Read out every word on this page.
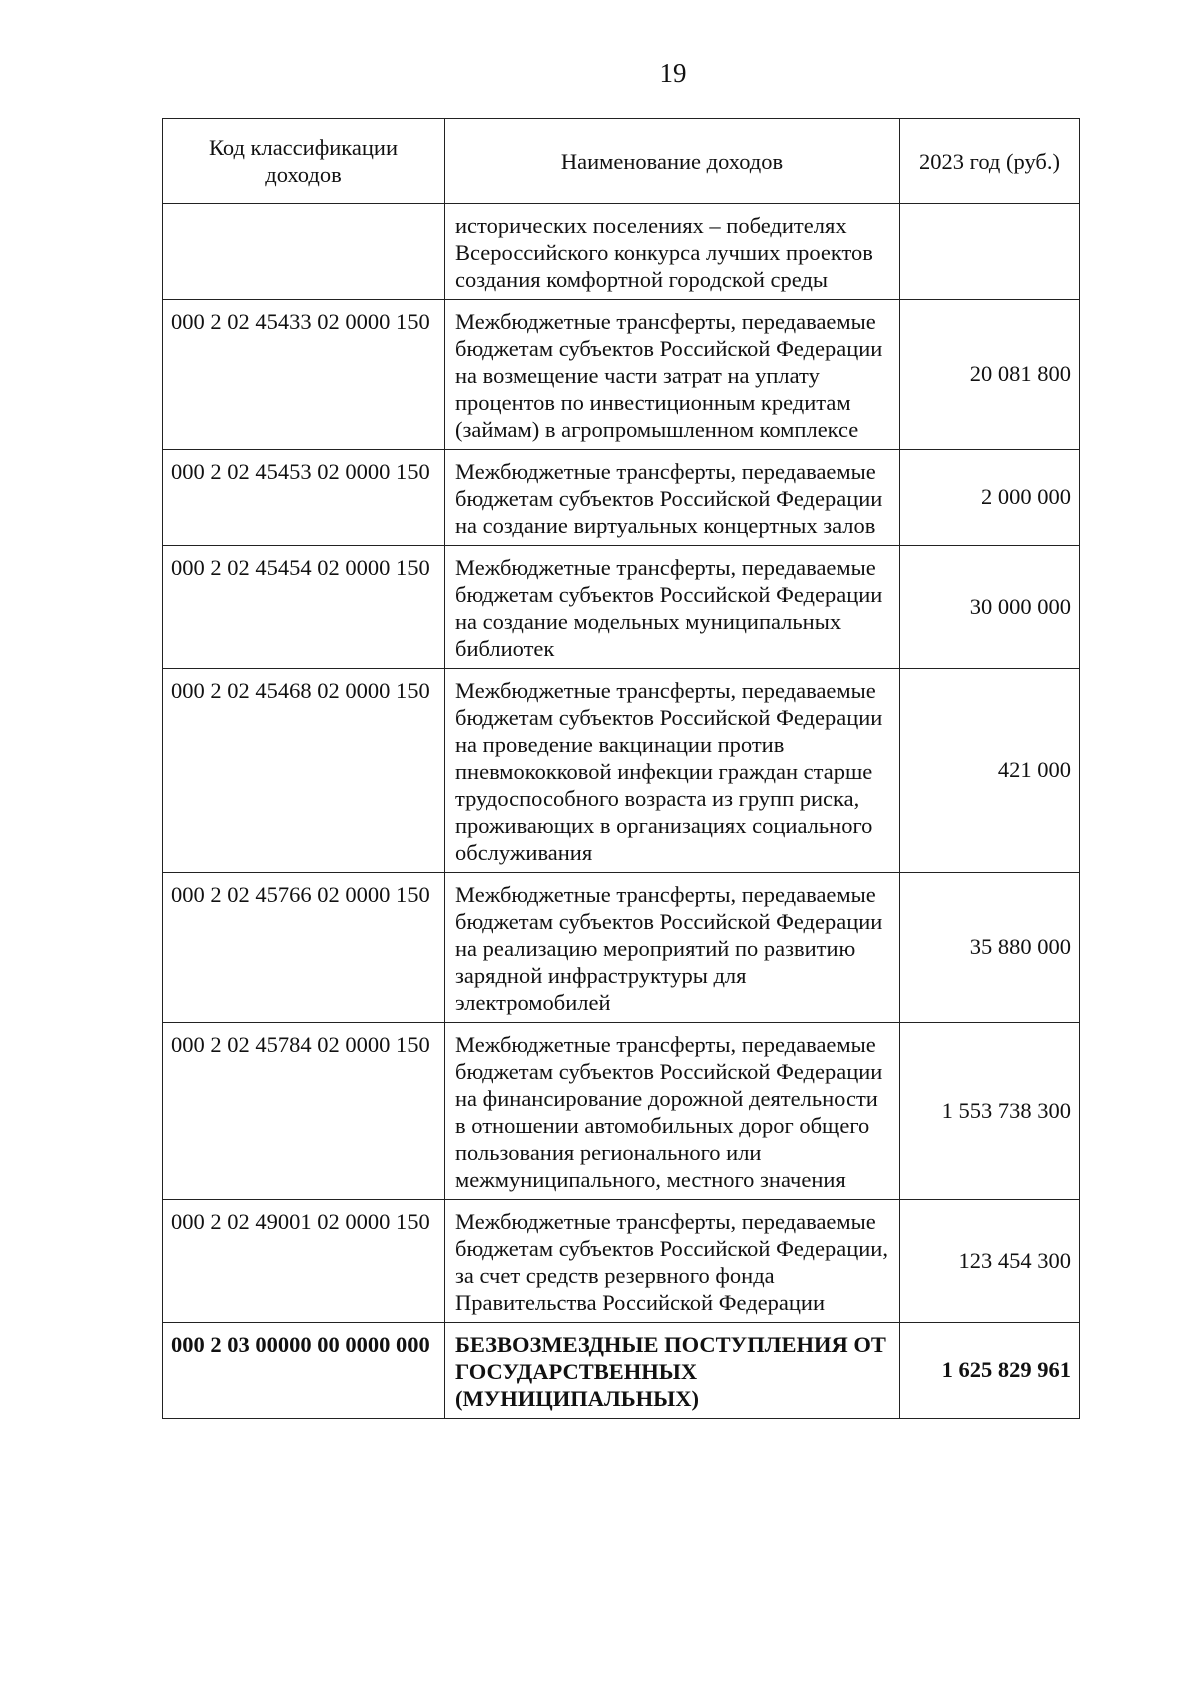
19
Код классификации доходов	Наименование доходов	2023 год (руб.)
	исторических поселениях – победителях Всероссийского конкурса лучших проектов создания комфортной городской среды	
000 2 02 45433 02 0000 150	Межбюджетные трансферты, передаваемые бюджетам субъектов Российской Федерации на возмещение части затрат на уплату процентов по инвестиционным кредитам (займам) в агропромышленном комплексе	20 081 800
000 2 02 45453 02 0000 150	Межбюджетные трансферты, передаваемые бюджетам субъектов Российской Федерации на создание виртуальных концертных залов	2 000 000
000 2 02 45454 02 0000 150	Межбюджетные трансферты, передаваемые бюджетам субъектов Российской Федерации на создание модельных муниципальных библиотек	30 000 000
000 2 02 45468 02 0000 150	Межбюджетные трансферты, передаваемые бюджетам субъектов Российской Федерации на проведение вакцинации против пневмококковой инфекции граждан старше трудоспособного возраста из групп риска, проживающих в организациях социального обслуживания	421 000
000 2 02 45766 02 0000 150	Межбюджетные трансферты, передаваемые бюджетам субъектов Российской Федерации на реализацию мероприятий по развитию зарядной инфраструктуры для электромобилей	35 880 000
000 2 02 45784 02 0000 150	Межбюджетные трансферты, передаваемые бюджетам субъектов Российской Федерации на финансирование дорожной деятельности в отношении автомобильных дорог общего пользования регионального или межмуниципального, местного значения	1 553 738 300
000 2 02 49001 02 0000 150	Межбюджетные трансферты, передаваемые бюджетам субъектов Российской Федерации, за счет средств резервного фонда Правительства Российской Федерации	123 454 300
000 2 03 00000 00 0000 000	БЕЗВОЗМЕЗДНЫЕ ПОСТУПЛЕНИЯ ОТ ГОСУДАРСТВЕННЫХ (МУНИЦИПАЛЬНЫХ)	1 625 829 961
